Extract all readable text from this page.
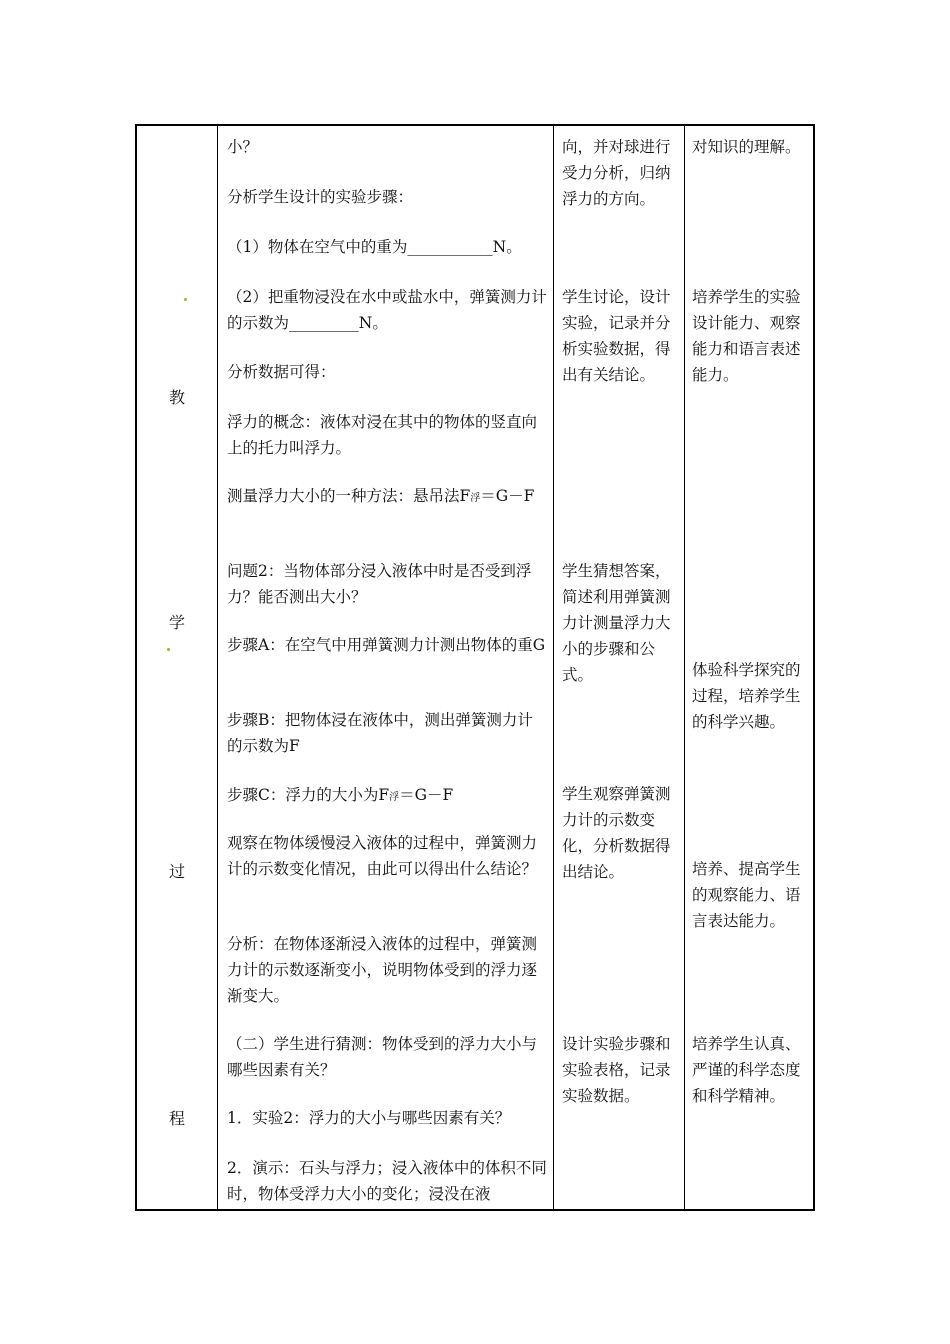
教
学
过
程

小？

分析学生设计的实验步骤：

（1）物体在空气中的重为___________N。

（2）把重物浸没在水中或盐水中，弹簧测力计的示数为_________N。

分析数据可得：

浮力的概念：液体对浸在其中的物体的竖直向上的托力叫浮力。

测量浮力大小的一种方法：悬吊法F浮＝G－F

问题2：当物体部分浸入液体中时是否受到浮力？能否测出大小？

步骤A：在空气中用弹簧测力计测出物体的重G

步骤B：把物体浸在液体中，测出弹簧测力计的示数为F

步骤C：浮力的大小为F浮＝G－F

观察在物体缓慢浸入液体的过程中，弹簧测力计的示数变化情况，由此可以得出什么结论？

分析：在物体逐渐浸入液体的过程中，弹簧测力计的示数逐渐变小，说明物体受到的浮力逐渐变大。

（二）学生进行猜测：物体受到的浮力大小与哪些因素有关？

1．实验2：浮力的大小与哪些因素有关？

2．演示：石头与浮力；浸入液体中的体积不同时，物体受浮力大小的变化；浸没在液

向，并对球进行受力分析，归纳浮力的方向。

学生讨论，设计实验，记录并分析实验数据，得出有关结论。

学生猜想答案，简述利用弹簧测力计测量浮力大小的步骤和公式。

学生观察弹簧测力计的示数变化，分析数据得出结论。

设计实验步骤和实验表格，记录实验数据。

对知识的理解。

培养学生的实验设计能力、观察能力和语言表述能力。

体验科学探究的过程，培养学生的科学兴趣。

培养、提高学生的观察能力、语言表达能力。

培养学生认真、严谨的科学态度和科学精神。
